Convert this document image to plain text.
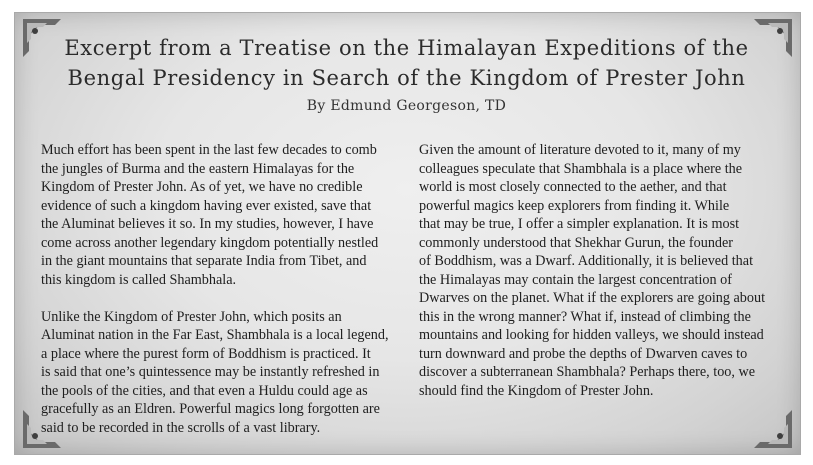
Excerpt from a Treatise on the Himalayan Expeditions of the
Bengal Presidency in Search of the Kingdom of Prester John
By Edmund Georgeson, TD

Much effort has been spent in the last few decades to comb
the jungles of Burma and the eastern Himalayas for the
Kingdom of Prester John. As of yet, we have no credible
evidence of such a kingdom having ever existed, save that
the Aluminat believes it so. In my studies, however, I have
come across another legendary kingdom potentially nestled
in the giant mountains that separate India from Tibet, and
this kingdom is called Shambhala.

Unlike the Kingdom of Prester John, which posits an
Aluminat nation in the Far East, Shambhala is a local legend,
a place where the purest form of Boddhism is practiced. It
is said that one’s quintessence may be instantly refreshed in
the pools of the cities, and that even a Huldu could age as
gracefully as an Eldren. Powerful magics long forgotten are
said to be recorded in the scrolls of a vast library.

Given the amount of literature devoted to it, many of my
colleagues speculate that Shambhala is a place where the
world is most closely connected to the aether, and that
powerful magics keep explorers from finding it. While
that may be true, I offer a simpler explanation. It is most
commonly understood that Shekhar Gurun, the founder
of Boddhism, was a Dwarf. Additionally, it is believed that
the Himalayas may contain the largest concentration of
Dwarves on the planet. What if the explorers are going about
this in the wrong manner? What if, instead of climbing the
mountains and looking for hidden valleys, we should instead
turn downward and probe the depths of Dwarven caves to
discover a subterranean Shambhala? Perhaps there, too, we
should find the Kingdom of Prester John.
